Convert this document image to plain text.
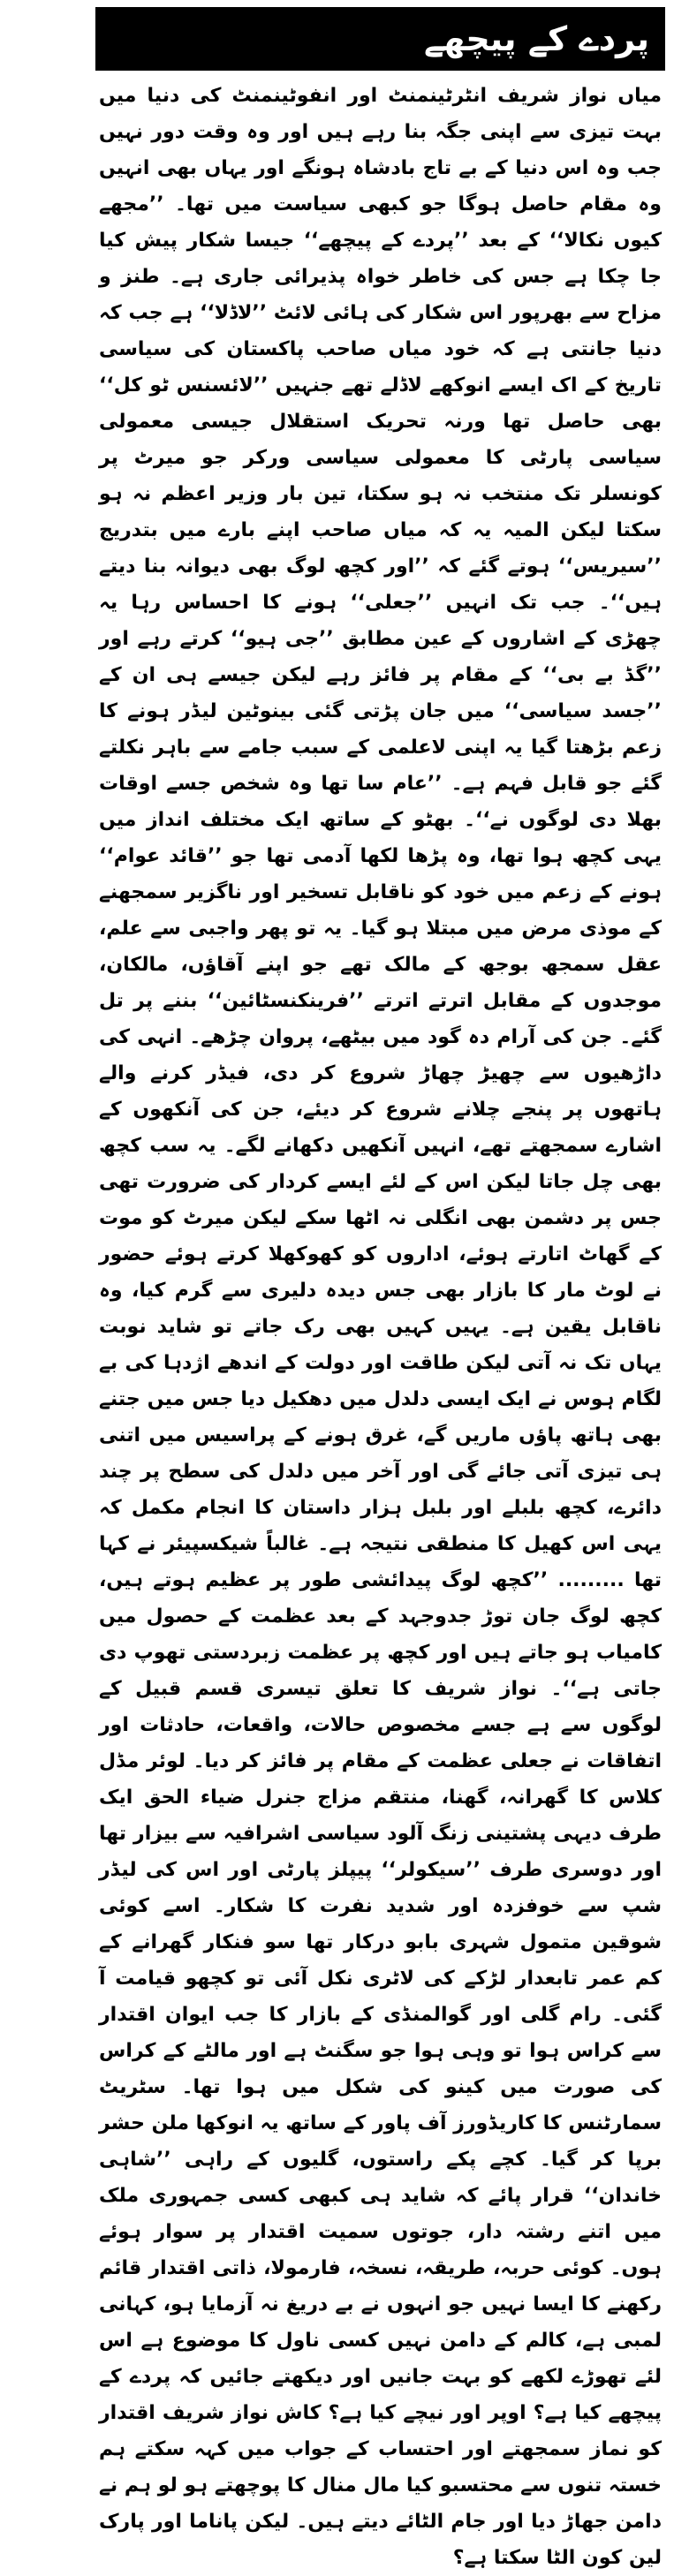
پردے کے پیچھے

میاں نواز شریف انٹرٹینمنٹ اور انفوٹینمنٹ کی دنیا میں بہت تیزی سے اپنی جگہ بنا رہے ہیں اور وہ وقت دور نہیں جب وہ اس دنیا کے بے تاج بادشاہ ہونگے اور یہاں بھی انہیں وہ مقام حاصل ہوگا جو کبھی سیاست میں تھا۔ ’’مجھے کیوں نکالا‘‘ کے بعد ’’پردے کے پیچھے‘‘ جیسا شکار پیش کیا جا چکا ہے جس کی خاطر خواہ پذیرائی جاری ہے۔ طنز و مزاح سے بھرپور اس شکار کی ہائی لائٹ ’’لاڈلا‘‘ ہے جب کہ دنیا جانتی ہے کہ خود میاں صاحب پاکستان کی سیاسی تاریخ کے اک ایسے انوکھے لاڈلے تھے جنہیں ’’لائسنس ٹو کل‘‘ بھی حاصل تھا ورنہ تحریک استقلال جیسی معمولی سیاسی پارٹی کا معمولی سیاسی ورکر جو میرٹ پر کونسلر تک منتخب نہ ہو سکتا، تین بار وزیر اعظم نہ ہو سکتا لیکن المیہ یہ کہ میاں صاحب اپنے بارے میں بتدریج ’’سیریس‘‘ ہوتے گئے کہ ’’اور کچھ لوگ بھی دیوانہ بنا دیتے ہیں‘‘۔ جب تک انہیں ’’جعلی‘‘ ہونے کا احساس رہا یہ چھڑی کے اشاروں کے عین مطابق ’’جی ہیو‘‘ کرتے رہے اور ’’گڈ بے بی‘‘ کے مقام پر فائز رہے لیکن جیسے ہی ان کے ’’جسد سیاسی‘‘ میں جان پڑتی گئی بینوٹین لیڈر ہونے کا زعم بڑھتا گیا یہ اپنی لاعلمی کے سبب جامے سے باہر نکلتے گئے جو قابل فہم ہے۔ ’’عام سا تھا وہ شخص جسے اوقات بھلا دی لوگوں نے‘‘۔ بھٹو کے ساتھ ایک مختلف انداز میں یہی کچھ ہوا تھا، وہ پڑھا لکھا آدمی تھا جو ’’قائد عوام‘‘ ہونے کے زعم میں خود کو ناقابل تسخیر اور ناگزیر سمجھنے کے موذی مرض میں مبتلا ہو گیا۔ یہ تو پھر واجبی سے علم، عقل سمجھ بوجھ کے مالک تھے جو اپنے آقاؤں، مالکان، موجدوں کے مقابل اترتے اترتے ’’فرینکنسٹائین‘‘ بننے پر تل گئے۔ جن کی آرام دہ گود میں بیٹھے، پروان چڑھے۔ انہی کی داڑھیوں سے چھیڑ چھاڑ شروع کر دی، فیڈر کرنے والے ہاتھوں پر پنجے چلانے شروع کر دیئے، جن کی آنکھوں کے اشارے سمجھتے تھے، انہیں آنکھیں دکھانے لگے۔ یہ سب کچھ بھی چل جاتا لیکن اس کے لئے ایسے کردار کی ضرورت تھی جس پر دشمن بھی انگلی نہ اٹھا سکے لیکن میرٹ کو موت کے گھاٹ اتارتے ہوئے، اداروں کو کھوکھلا کرتے ہوئے حضور نے لوٹ مار کا بازار بھی جس دیدہ دلیری سے گرم کیا، وہ ناقابل یقین ہے۔ یہیں کہیں بھی رک جاتے تو شاید نوبت یہاں تک نہ آتی لیکن طاقت اور دولت کے اندھے اژدہا کی بے لگام ہوس نے ایک ایسی دلدل میں دھکیل دیا جس میں جتنے بھی ہاتھ پاؤں ماریں گے، غرق ہونے کے پراسیس میں اتنی ہی تیزی آتی جائے گی اور آخر میں دلدل کی سطح پر چند دائرے، کچھ بلبلے اور بلبل ہزار داستان کا انجام مکمل کہ یہی اس کھیل کا منطقی نتیجہ ہے۔ غالباً شیکسپیئر نے کہا تھا ......... ’’کچھ لوگ پیدائشی طور پر عظیم ہوتے ہیں، کچھ لوگ جان توڑ جدوجہد کے بعد عظمت کے حصول میں کامیاب ہو جاتے ہیں اور کچھ پر عظمت زبردستی تھوپ دی جاتی ہے‘‘۔ نواز شریف کا تعلق تیسری قسم قبیل کے لوگوں سے ہے جسے مخصوص حالات، واقعات، حادثات اور اتفاقات نے جعلی عظمت کے مقام پر فائز کر دیا۔ لوئر مڈل کلاس کا گھرانہ، گھنا، منتقم مزاج جنرل ضیاء الحق ایک طرف دیہی پشتینی زنگ آلود سیاسی اشرافیہ سے بیزار تھا اور دوسری طرف ’’سیکولر‘‘ پیپلز پارٹی اور اس کی لیڈر شپ سے خوفزدہ اور شدید نفرت کا شکار۔ اسے کوئی شوقین متمول شہری بابو درکار تھا سو فنکار گھرانے کے کم عمر تابعدار لڑکے کی لاٹری نکل آئی تو کچھو قیامت آ گئی۔ رام گلی اور گوالمنڈی کے بازار کا جب ایوان اقتدار سے کراس ہوا تو وہی ہوا جو سگنٹ ہے اور مالٹے کے کراس کی صورت میں کینو کی شکل میں ہوا تھا۔ سٹریٹ سمارٹنس کا کاریڈورز آف پاور کے ساتھ یہ انوکھا ملن حشر برپا کر گیا۔ کچے پکے راستوں، گلیوں کے راہی ’’شاہی خاندان‘‘ قرار پائے کہ شاید ہی کبھی کسی جمہوری ملک میں اتنے رشتہ دار، جوتوں سمیت اقتدار پر سوار ہوئے ہوں۔ کوئی حربہ، طریقہ، نسخہ، فارمولا، ذاتی اقتدار قائم رکھنے کا ایسا نہیں جو انہوں نے بے دریغ نہ آزمایا ہو، کہانی لمبی ہے، کالم کے دامن نہیں کسی ناول کا موضوع ہے اس لئے تھوڑے لکھے کو بہت جانیں اور دیکھتے جائیں کہ پردے کے پیچھے کیا ہے؟ اوپر اور نیچے کیا ہے؟ کاش نواز شریف اقتدار کو نماز سمجھتے اور احتساب کے جواب میں کہہ سکتے ہم خستہ تنوں سے محتسبو کیا مال منال کا پوچھتے ہو لو ہم نے دامن جھاڑ دیا اور جام الٹائے دیتے ہیں۔ لیکن پاناما اور پارک لین کون الٹا سکتا ہے؟
